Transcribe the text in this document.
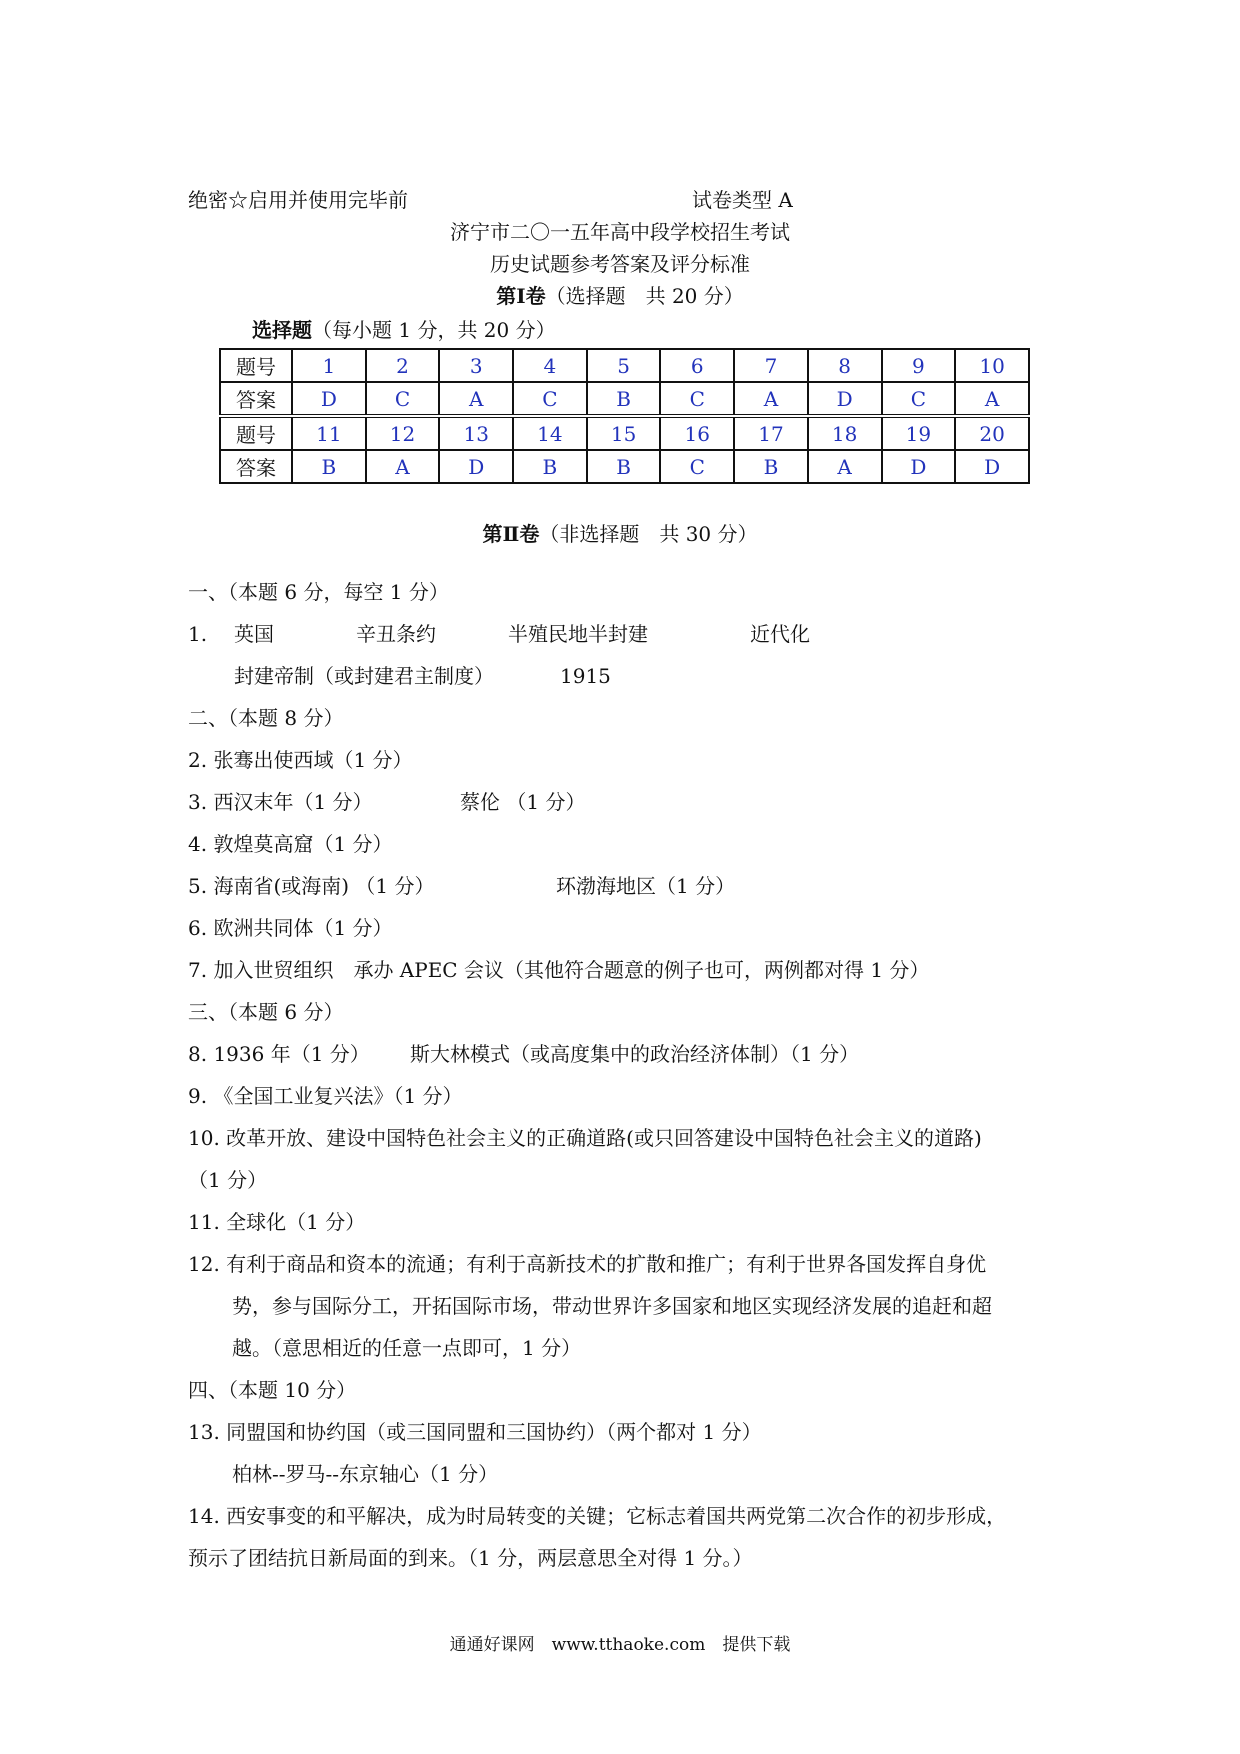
绝密☆启用并使用完毕前	试卷类型 A
济宁市二〇一五年高中段学校招生考试
历史试题参考答案及评分标准
第Ⅰ卷（选择题　共 20 分）
选择题（每小题 1 分，共 20 分）
题号	1	2	3	4	5	6	7	8	9	10
答案	D	C	A	C	B	C	A	D	C	A
题号	11	12	13	14	15	16	17	18	19	20
答案	B	A	D	B	B	C	B	A	D	D
第Ⅱ卷（非选择题　共 30 分）
一、（本题 6 分，每空 1 分）
1. 英国	辛丑条约	半殖民地半封建	近代化
封建帝制（或封建君主制度）	1915
二、（本题 8 分）
2. 张骞出使西域（1 分）
3. 西汉末年（1 分）	蔡伦 （1 分）
4. 敦煌莫高窟（1 分）
5. 海南省(或海南) （1 分）	环渤海地区（1 分）
6. 欧洲共同体（1 分）
7. 加入世贸组织　承办 APEC 会议（其他符合题意的例子也可，两例都对得 1 分）
三、（本题 6 分）
8. 1936 年（1 分） 斯大林模式（或高度集中的政治经济体制）（1 分）
9. 《全国工业复兴法》（1 分）
10. 改革开放、建设中国特色社会主义的正确道路(或只回答建设中国特色社会主义的道路)
（1 分）
11. 全球化（1 分）
12. 有利于商品和资本的流通；有利于高新技术的扩散和推广；有利于世界各国发挥自身优
势，参与国际分工，开拓国际市场，带动世界许多国家和地区实现经济发展的追赶和超
越。（意思相近的任意一点即可，1 分）
四、（本题 10 分）
13. 同盟国和协约国（或三国同盟和三国协约）（两个都对 1 分）
柏林--罗马--东京轴心（1 分）
14. 西安事变的和平解决，成为时局转变的关键；它标志着国共两党第二次合作的初步形成，
预示了团结抗日新局面的到来。（1 分，两层意思全对得 1 分。）
通通好课网　www.tthaoke.com　提供下载
